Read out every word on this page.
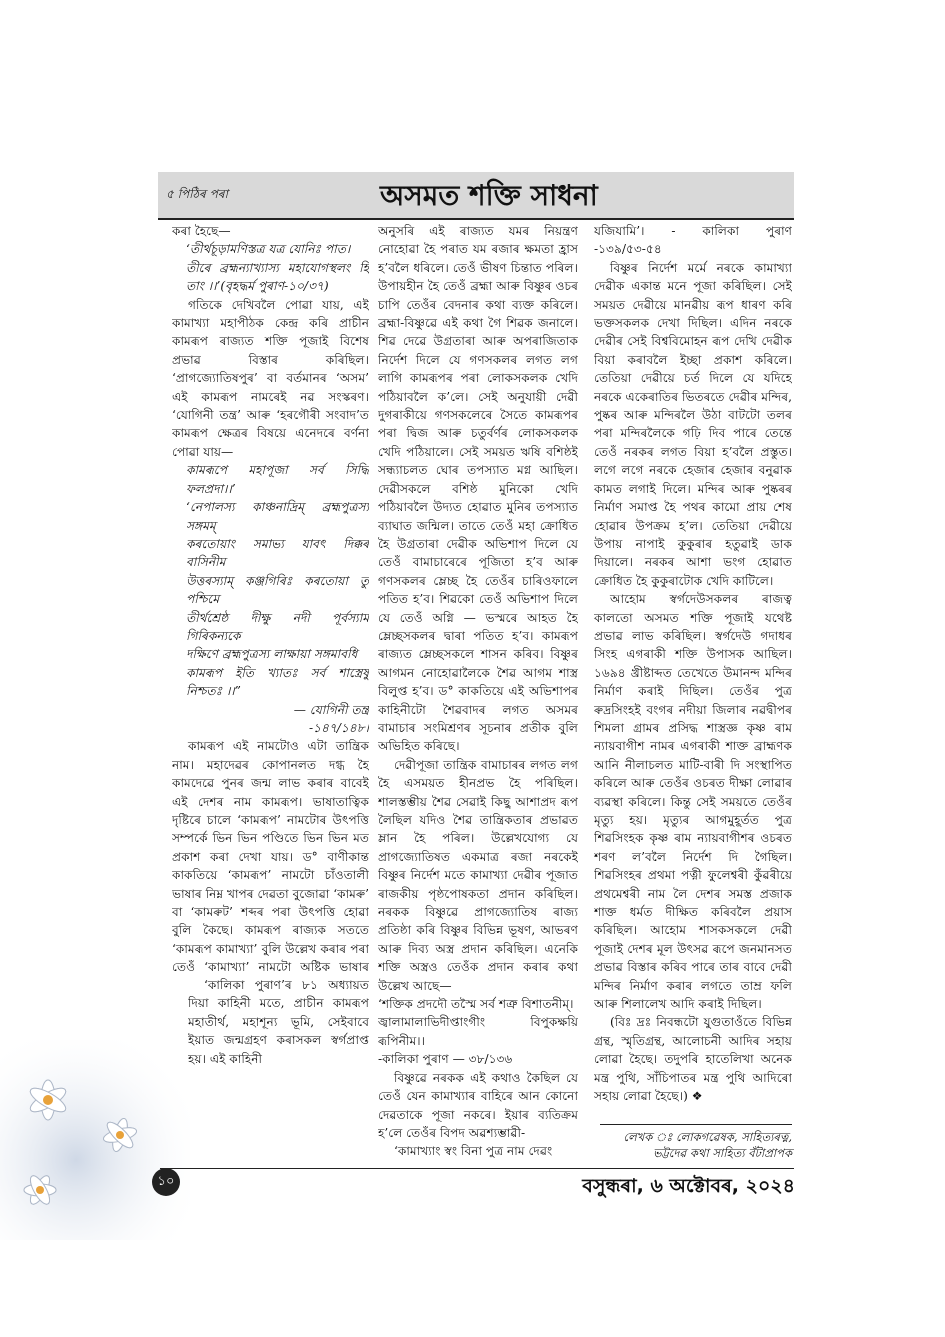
৫ পিঠিৰ পৰা	অসমত শক্তি সাধনা

কৰা হৈছে—

‘তীৰ্থচূড়ামণিস্তত্ৰ যত্ৰ যোনিঃ পাত।

তীৰে ব্ৰহ্মন্যাখ্যাস্য মহাযোগস্থলং হি তাং ।।’(বৃহদ্ধৰ্ম পুৰাণ-১০/৩৭)

গতিকে দেখিবলৈ পোৱা যায়, এই কামাখ্যা মহাপীঠক কেন্দ্ৰ কৰি প্ৰাচীন কামৰূপ ৰাজ্যত শক্তি পূজাই বিশেষ প্ৰভাৱ বিস্তাৰ কৰিছিল। ‘প্ৰাগজ্যোতিষপুৰ’ বা বৰ্তমানৰ ‘অসম’ এই কামৰূপ নামৰেই নৱ সংস্কৰণ। ‘যোগিনী তন্ত্ৰ’ আৰু ‘হৰগৌৰী সংবাদ’ত কামৰূপ ক্ষেত্ৰৰ বিষয়ে এনেদৰে বৰ্ণনা পোৱা যায়—

কামৰূপে মহাপূজা সৰ্ব সিদ্ধি ফলপ্ৰদা।।’

‘নেপালস্য কাঞ্চনাদ্ৰিম্ ব্ৰহ্মপুত্ৰস্য সঙ্গমম্

কৰতোয়াং সমাভ্য যাবৎ দিক্কৰ বাসিনীম

উত্তৰস্যাম্ কঞ্জগিৰিঃ কৰতোয়া তু পশ্চিমে

তীৰ্থশ্ৰেষ্ঠ দীক্ষু নদী পূৰ্বস্যাম গিৰিকন্যকে

দক্ষিণে ব্ৰহ্মপুত্ৰস্য লাক্ষায়া সঙ্গমাবধি

কামৰূপ ইতি খ্যাতঃ সৰ্ব শাস্ত্ৰেষু নিশ্চতঃ ।।”

— যোগিনী তন্ত্ৰ

-১৪৭/১৪৮।

কামৰূপ এই নামটোও এটা তান্ত্ৰিক নাম। মহাদেৱৰ কোপানলত দগ্ধ হৈ কামদেৱে পুনৰ জন্ম লাভ কৰাৰ বাবেই এই দেশৰ নাম কামৰূপ। ভাষাতাত্বিক দৃষ্টিৰে চালে ‘কামৰূপ’ নামটোৰ উৎপত্তি সম্পৰ্কে ভিন ভিন পণ্ডিতে ভিন ভিন মত প্ৰকাশ কৰা দেখা যায়। ড° বাণীকান্ত কাকতিয়ে ‘কামৰূপ’ নামটো চাঁওতালী ভাষাৰ নিম্ন খাপৰ দেৱতা বুজোৱা ‘কামৰু’ বা ‘কামৰুট’ শব্দৰ পৰা উৎপত্তি হোৱা বুলি কৈছে। কামৰূপ ৰাজ্যক সততে ‘কামৰূপ কামাখ্যা’ বুলি উল্লেখ কৰাৰ পৰা তেওঁ ‘কামাখ্যা’ নামটো অষ্টিক ভাষাৰ

‘কালিকা পুৰাণ’ৰ ৮১ অধ্যায়ত দিয়া কাহিনী মতে, প্ৰাচীন কামৰূপ মহাতীৰ্থ, মহাশূন্য ভূমি, সেইবাবে ইয়াত জন্মগ্ৰহণ কৰাসকল স্বৰ্গপ্ৰাপ্ত হয়। এই কাহিনী

অনুসৰি এই ৰাজ্যত যমৰ নিয়ন্ত্ৰণ নোহোৱা হৈ পৰাত যম ৰজাৰ ক্ষমতা হ্ৰাস হ’বলৈ ধৰিলে। তেওঁ ভীষণ চিন্তাত পৰিল। উপায়হীন হৈ তেওঁ ব্ৰহ্মা আৰু বিষ্ণুৰ ওচৰ চাপি তেওঁৰ বেদনাৰ কথা ব্যক্ত কৰিলে। ব্ৰহ্মা-বিষ্ণুৱে এই কথা গৈ শিৱক জনালে। শিৱ দেৱে উগ্ৰতাৰা আৰু অপৰাজিতাক নিৰ্দেশ দিলে যে গণসকলৰ লগত লগ লাগি কামৰূপৰ পৰা লোকসকলক খেদি পঠিয়াবলৈ ক’লে। সেই অনুযায়ী দেৱী দুগৰাকীয়ে গণসকলেৰে সৈতে কামৰূপৰ পৰা দ্বিজ আৰু চতুৰ্বৰ্ণৰ লোকসকলক খেদি পঠিয়ালে। সেই সময়ত ঋষি বশিষ্ঠই সন্ধ্যাচলত ঘোৰ তপস্যাত মগ্ন আছিল। দেৱীসকলে বশিষ্ঠ মুনিকো খেদি পঠিয়াবলৈ উদ্যত হোৱাত মুনিৰ তপস্যাত ব্যাঘাত জন্মিল। তাতে তেওঁ মহা ক্ৰোধিত হৈ উগ্ৰতাৰা দেৱীক অভিশাপ দিলে যে তেওঁ বামাচাৰেৰে পূজিতা হ’ব আৰু গণসকলৰ ম্লেচ্ছ হৈ তেওঁৰ চাৰিওফালে পতিত হ’ব। শিৱকো তেওঁ অভিশাপ দিলে যে তেওঁ অগ্নি — ভস্মৰে আহত হৈ ম্লেচ্ছসকলৰ দ্বাৰা পতিত হ’ব। কামৰূপ ৰাজ্যত ম্লেচ্ছসকলে শাসন কৰিব। বিষ্ণুৰ আগমন নোহোৱালৈকে শৈৱ আগম শাস্ত্ৰ বিলুপ্ত হ’ব। ড° কাকতিয়ে এই অভিশাপৰ কাহিনীটো শৈৱবাদৰ লগত অসমৰ বামাচাৰ সংমিশ্ৰণৰ সূচনাৰ প্ৰতীক বুলি অভিহিত কৰিছে।

দেৱীপূজা তান্ত্ৰিক বামাচাৰৰ লগত লগ হৈ এসময়ত হীনপ্ৰভ হৈ পৰিছিল। শালস্তম্ভীয় শৈৱ সেৱাই কিছু আশাপ্ৰদ ৰূপ লৈছিল যদিও শৈৱ তান্ত্ৰিকতাৰ প্ৰভাৱত ম্লান হৈ পৰিল। উল্লেখযোগ্য যে প্ৰাগজ্যোতিষত একমাত্ৰ ৰজা নৰকেই বিষ্ণুৰ নিৰ্দেশ মতে কামাখ্যা দেৱীৰ পূজাত ৰাজকীয় পৃষ্ঠপোষকতা প্ৰদান কৰিছিল। নৰকক বিষ্ণুৱে প্ৰাগজ্যোতিষ ৰাজ্য প্ৰতিষ্ঠা কৰি বিষ্ণুৰ বিভিন্ন ভূষণ, আভৰণ আৰু দিব্য অস্ত্ৰ প্ৰদান কৰিছিল। এনেকি শক্তি অস্ত্ৰও তেওঁক প্ৰদান কৰাৰ কথা উল্লেখ আছে—

‘শক্তিক প্ৰদদৌ তস্মৈ সৰ্ব শত্ৰু বিশাতনীম্।

জ্বালামালাভিদীপ্তাংগীং বিপুকক্ষয়ি ৰূপিনীম।।

-কালিকা পুৰাণ — ৩৮/১৩৬

বিষ্ণুৱে নৰকক এই কথাও কৈছিল যে তেওঁ যেন কামাখ্যাৰ বাহিৰে আন কোনো দেৱতাকে পূজা নকৰে। ইয়াৰ ব্যতিক্ৰম হ’লে তেওঁৰ বিপদ অৱশ্যম্ভাৱী-

‘কামাখ্যাং স্বং বিনা পুত্ৰ নাম দেৱং

যজিযামি’। - কালিকা পুৰাণ -১৩৯/৫৩-৫৪

বিষ্ণুৰ নিৰ্দেশ মৰ্মে নৰকে কামাখ্যা দেৱীক একান্ত মনে পূজা কৰিছিল। সেই সময়ত দেৱীয়ে মানৱীয় ৰূপ ধাৰণ কৰি ভক্তসকলক দেখা দিছিল। এদিন নৰকে দেৱীৰ সেই বিশ্ববিমোহন ৰূপ দেখি দেৱীক বিয়া কৰাবলৈ ইচ্ছা প্ৰকাশ কৰিলে। তেতিয়া দেৱীয়ে চৰ্ত দিলে যে যদিহে নৰকে একেৰাতিৰ ভিতৰতে দেৱীৰ মন্দিৰ, পুষ্কৰ আৰু মন্দিৰলৈ উঠা বাটটো তলৰ পৰা মন্দিৰলৈকে গঢ়ি দিব পাৰে তেন্তে তেওঁ নৰকৰ লগত বিয়া হ’বলৈ প্ৰস্তুত। লগে লগে নৰকে হেজাৰ হেজাৰ বনুৱাক কামত লগাই দিলে। মন্দিৰ আৰু পুষ্কৰৰ নিৰ্মাণ সমাপ্ত হৈ পথৰ কামো প্ৰায় শেষ হোৱাৰ উপক্ৰম হ’ল। তেতিয়া দেৱীয়ে উপায় নাপাই কুকুৰাৰ হতুৱাই ডাক দিয়ালে। নৰকৰ আশা ভংগ হোৱাত ক্ৰোধিত হৈ কুকুৰাটোক খেদি কাটিলে।

আহোম স্বৰ্গদেউসকলৰ ৰাজত্ব কালতো অসমত শক্তি পূজাই যথেষ্ট প্ৰভাৱ লাভ কৰিছিল। স্বৰ্গদেউ গদাধৰ সিংহ এগৰাকী শক্তি উপাসক আছিল। ১৬৯৪ খ্ৰীষ্টাব্দত তেখেতে উমানন্দ মন্দিৰ নিৰ্মাণ কৰাই দিছিল। তেওঁৰ পুত্ৰ ৰুদ্ৰসিংহই বংগৰ নদীয়া জিলাৰ নৱদ্বীপৰ শিমলা গ্ৰামৰ প্ৰসিদ্ধ শাস্ত্ৰজ্ঞ কৃষ্ণ ৰাম ন্যায়বাগীশ নামৰ এগৰাকী শাক্ত ব্ৰাহ্মণক আনি নীলাচলত মাটি-বাৰী দি সংস্থাপিত কৰিলে আৰু তেওঁৰ ওচৰত দীক্ষা লোৱাৰ ব্যৱস্থা কৰিলে। কিন্তু সেই সময়তে তেওঁৰ মৃত্যু হয়। মৃত্যুৰ আগমুহূৰ্তত পুত্ৰ শিৱসিংহক কৃষ্ণ ৰাম ন্যায়বাগীশৰ ওচৰত শৰণ ল’বলৈ নিৰ্দেশ দি গৈছিল। শিৱসিংহৰ প্ৰথমা পত্নী ফুলেশ্বৰী কুঁৱৰীয়ে প্ৰথমেশ্বৰী নাম লৈ দেশৰ সমস্ত প্ৰজাক শাক্ত ধৰ্মত দীক্ষিত কৰিবলৈ প্ৰয়াস কৰিছিল। আহোম শাসকসকলে দেৱী পূজাই দেশৰ মূল উৎসৱ ৰূপে জনমানসত প্ৰভাৱ বিস্তাৰ কৰিব পাৰে তাৰ বাবে দেৱী মন্দিৰ নিৰ্মাণ কৰাৰ লগতে তাম্ৰ ফলি আৰু শিলালেখ আদি কৰাই দিছিল।

(বিঃ দ্ৰঃ নিবন্ধটো যুগুতাওঁতে বিভিন্ন গ্ৰন্থ, স্মৃতিগ্ৰন্থ, আলোচনী আদিৰ সহায় লোৱা হৈছে। তদুপৰি হাতেলিখা অনেক মন্ত্ৰ পুথি, সাঁচিপাতৰ মন্ত্ৰ পুথি আদিৰো সহায় লোৱা হৈছে।) ❖

লেখক ঃ লোকগৱেষক, সাহিত্যৰত্ন,
ভট্টদেৱ কথা সাহিত্য বঁটাপ্ৰাপক
১০	বসুন্ধৰা, ৬ অক্টোবৰ, ২০২৪
